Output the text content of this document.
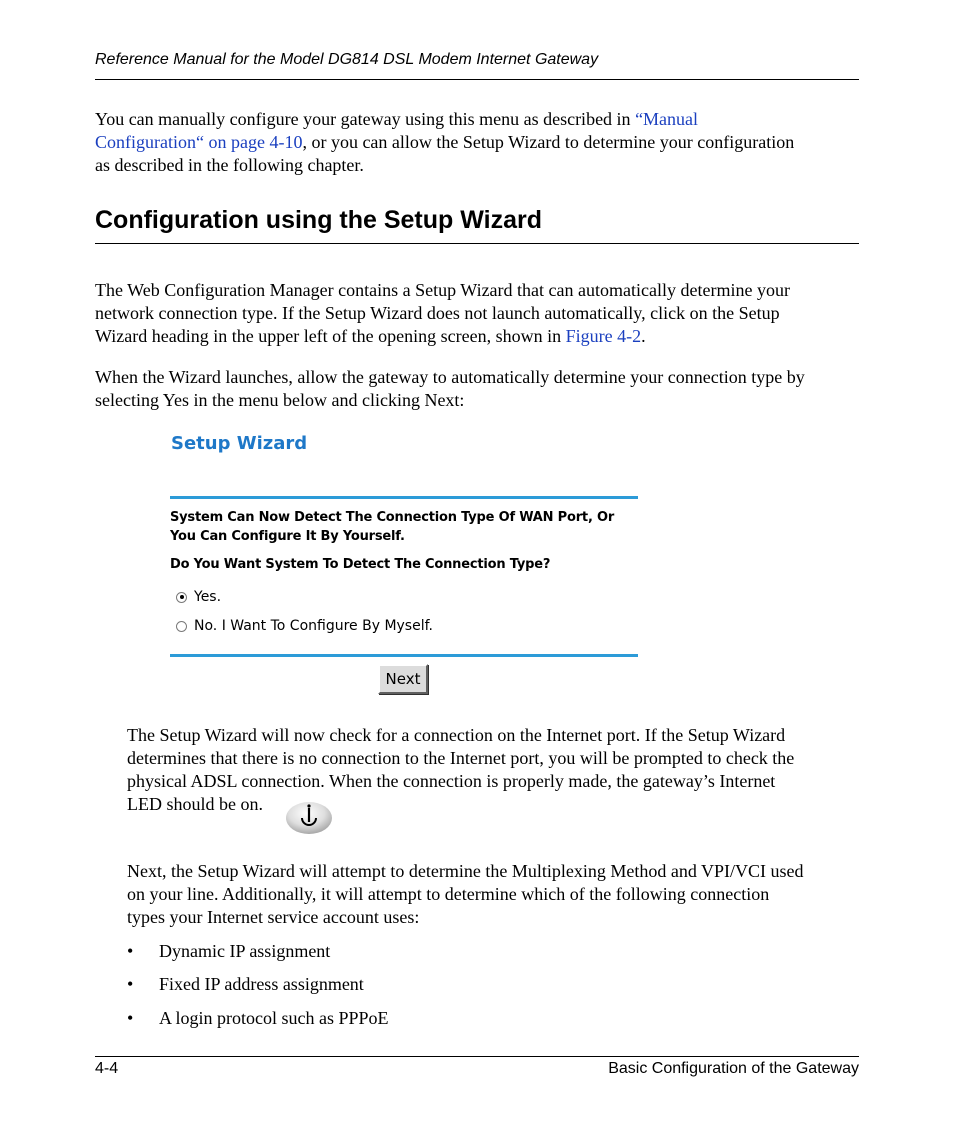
Reference Manual for the Model DG814 DSL Modem Internet Gateway
You can manually configure your gateway using this menu as described in “Manual
Configuration“ on page 4-10, or you can allow the Setup Wizard to determine your configuration
as described in the following chapter.
Configuration using the Setup Wizard
The Web Configuration Manager contains a Setup Wizard that can automatically determine your
network connection type. If the Setup Wizard does not launch automatically, click on the Setup
Wizard heading in the upper left of the opening screen, shown in Figure 4-2.
When the Wizard launches, allow the gateway to automatically determine your connection type by
selecting Yes in the menu below and clicking Next:
Setup Wizard
System Can Now Detect The Connection Type Of WAN Port, Or
You Can Configure It By Yourself.
Do You Want System To Detect The Connection Type?
Yes.
No. I Want To Configure By Myself.
Next
The Setup Wizard will now check for a connection on the Internet port. If the Setup Wizard
determines that there is no connection to the Internet port, you will be prompted to check the
physical ADSL connection. When the connection is properly made, the gateway’s Internet
LED should be on.
Next, the Setup Wizard will attempt to determine the Multiplexing Method and VPI/VCI used
on your line. Additionally, it will attempt to determine which of the following connection
types your Internet service account uses:
• Dynamic IP assignment
• Fixed IP address assignment
• A login protocol such as PPPoE
4-4	Basic Configuration of the Gateway
